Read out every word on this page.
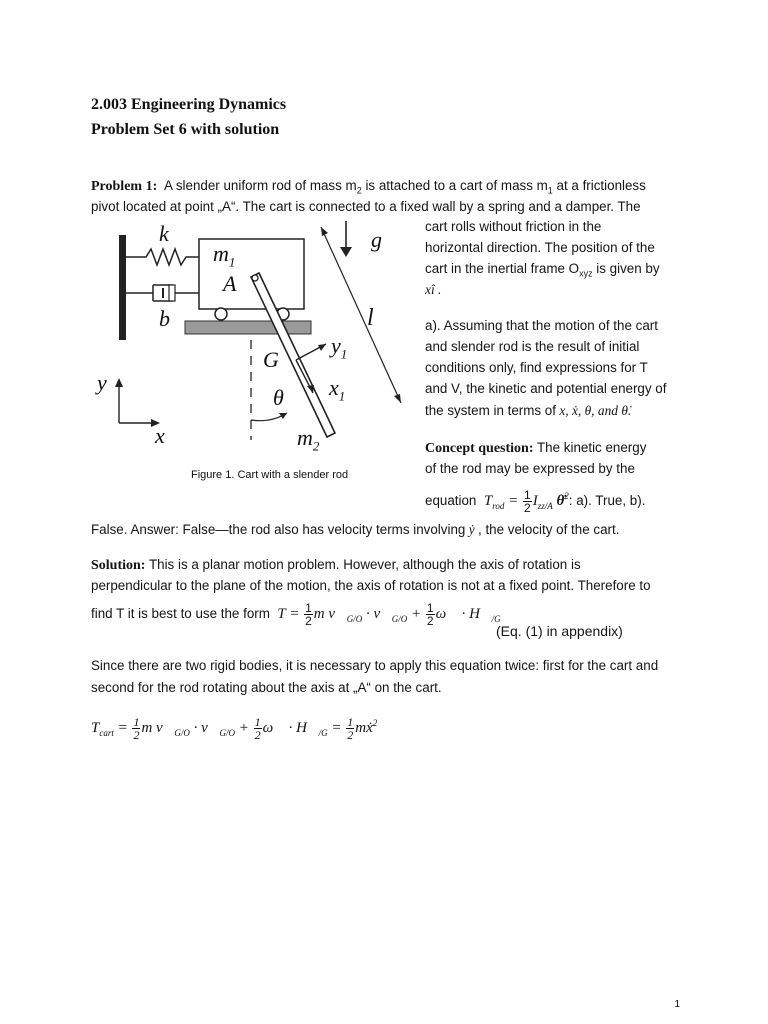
2.003 Engineering Dynamics
Problem Set 6 with solution
Problem 1: A slender uniform rod of mass $m_2$ is attached to a cart of mass $m_1$ at a frictionless
pivot located at point „A“. The cart is connected to a fixed wall by a spring and a damper. The
k
b
$m_1$
A
g
l
G
$y_1$
$x_1$
θ
$m_2$
y
x
Figure 1. Cart with a slender rod
cart rolls without friction in the
horizontal direction. The position of the
cart in the inertial frame $O_{xyz}$ is given by
xî .
a). Assuming that the motion of the cart
and slender rod is the result of initial
conditions only, find expressions for T
and V, the kinetic and potential energy of
the system in terms of x, ẋ, θ, and θ̇.
Concept question: The kinetic energy
of the rod may be expressed by the
equation  $T_{rod} = \frac{1}{2} I_{zz/A}$ θ̇$^2$: a). True, b).
False. Answer: False—the rod also has velocity terms involving ẏ , the velocity of the cart.
Solution: This is a planar motion problem. However, although the axis of rotation is
perpendicular to the plane of the motion, the axis of rotation is not at a fixed point. Therefore to
find T it is best to use the form  $T = \frac{1}{2}$ m $v⃗_{G/O}$ · $v⃗_{G/O} + \frac{1}{2}$ ω⃗ · $H⃗_{/G}$
(Eq. (1) in appendix)
Since there are two rigid bodies, it is necessary to apply this equation twice: first for the cart and
second for the rod rotating about the axis at „A“ on the cart.
$T_{cart} = \frac{1}{2}$ m $v⃗_{G/O}$ · $v⃗_{G/O} + \frac{1}{2}$ ω⃗ · $H⃗_{/G} = \frac{1}{2}$ mẋ$^2$
1
